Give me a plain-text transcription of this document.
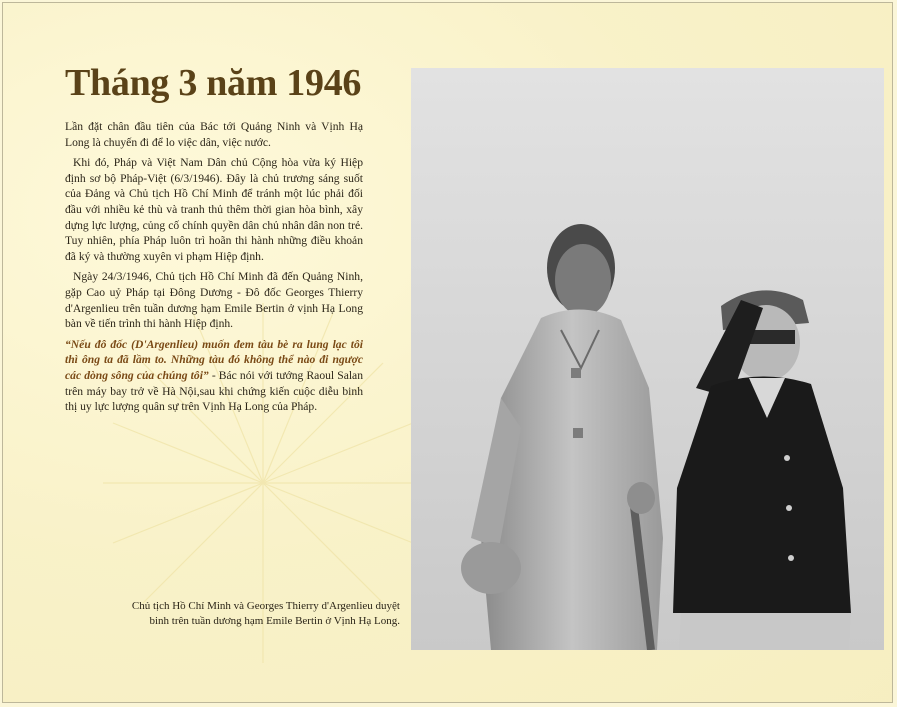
Tháng 3 năm 1946

Lần đặt chân đầu tiên của Bác tới Quảng Ninh và Vịnh Hạ Long là chuyến đi để lo việc dân, việc nước.

Khi đó, Pháp và Việt Nam Dân chủ Cộng hòa vừa ký Hiệp định sơ bộ Pháp-Việt (6/3/1946). Đây là chủ trương sáng suốt của Đảng và Chủ tịch Hồ Chí Minh để tránh một lúc phải đối đầu với nhiều kẻ thù và tranh thủ thêm thời gian hòa bình, xây dựng lực lượng, củng cố chính quyền dân chủ nhân dân non trẻ. Tuy nhiên, phía Pháp luôn trì hoãn thi hành những điều khoản đã ký và thường xuyên vi phạm Hiệp định.

Ngày 24/3/1946, Chủ tịch Hồ Chí Minh đã đến Quảng Ninh, gặp Cao uỷ Pháp tại Đông Dương - Đô đốc Georges Thierry d'Argenlieu trên tuần dương hạm Emile Bertin ở vịnh Hạ Long bàn về tiến trình thi hành Hiệp định.

“Nếu đô đốc (D'Argenlieu) muốn đem tàu bè ra lung lạc tôi thì ông ta đã lầm to. Những tàu đó không thể nào đi ngược các dòng sông của chúng tôi” - Bác nói với tướng Raoul Salan trên máy bay trở về Hà Nội,sau khi chứng kiến cuộc diễu binh thị uy lực lượng quân sự trên Vịnh Hạ Long của Pháp.

Chủ tịch Hồ Chí Minh và Georges Thierry d'Argenlieu duyệt binh trên tuần dương hạm Emile Bertin ở Vịnh Hạ Long.
